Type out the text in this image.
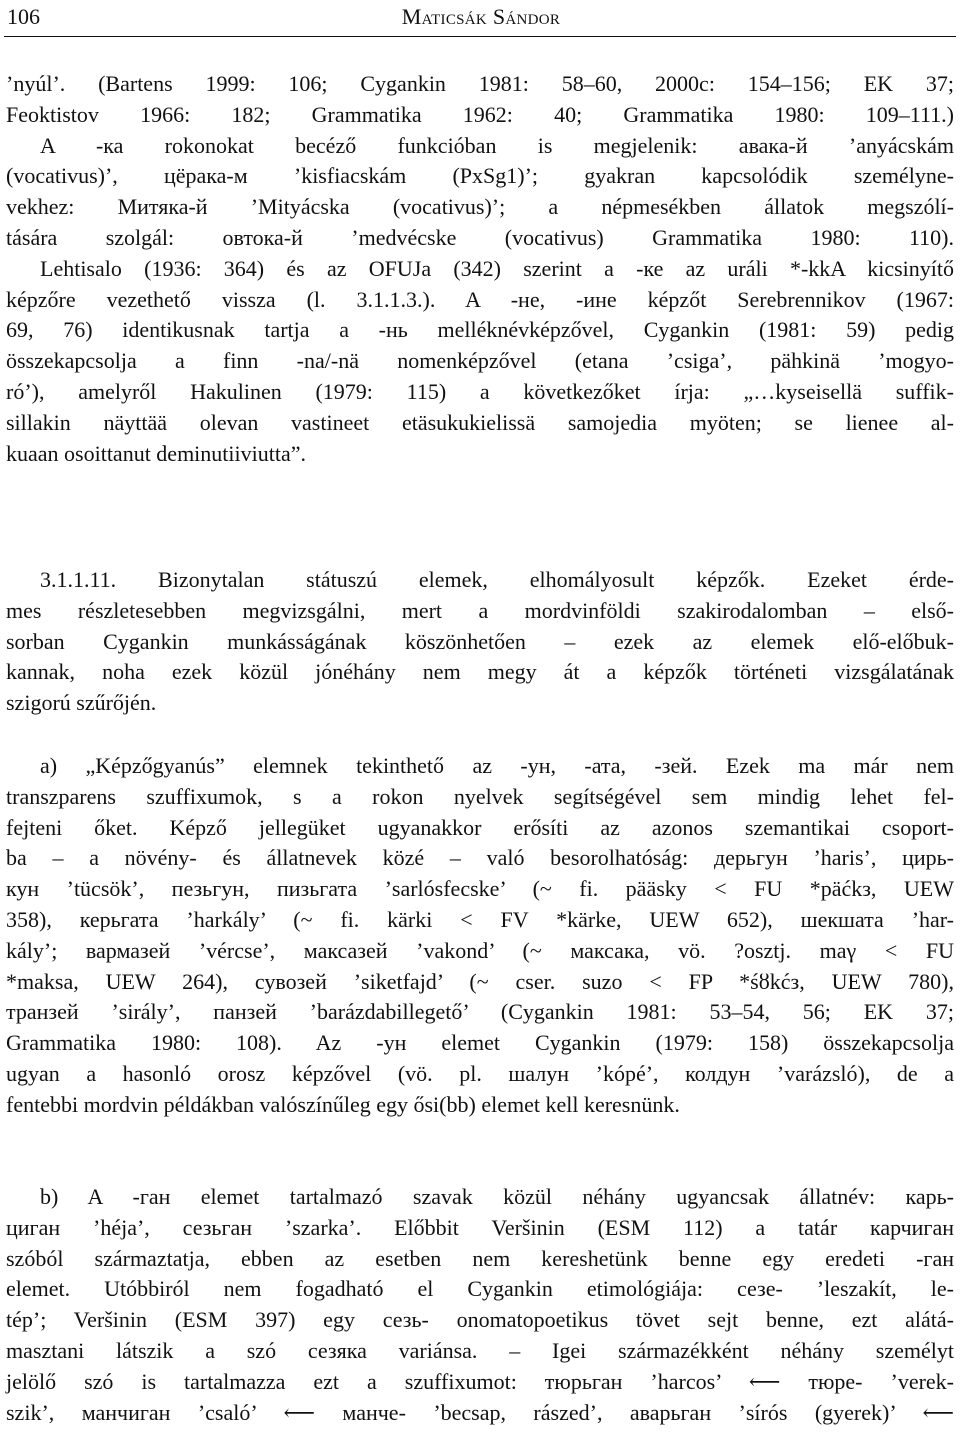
106	Maticsák Sándor
’nyúl’. (Bartens 1999: 106; Cygankin 1981: 58–60, 2000c: 154–156; EK 37;
Feoktistov 1966: 182; Grammatika 1962: 40; Grammatika 1980: 109–111.)
A -ка rokonokat becéző funkcióban is megjelenik: авака-й ’anyácskám
(vocativus)’, цёрака-м ’kisfiacskám (PxSg1)’; gyakran kapcsolódik személyne-
vekhez: Митяка-й ’Mityácska (vocativus)’; a népmesékben állatok megszólí-
tására szolgál: овтока-й ’medvécske (vocativus) Grammatika 1980: 110).
Lehtisalo (1936: 364) és az OFUJa (342) szerint a -ке az uráli *-kkA kicsinyítő
képzőre vezethető vissza (l. 3.1.1.3.). A -не, -ине képzőt Serebrennikov (1967:
69, 76) identikusnak tartja a -нь melléknévképzővel, Cygankin (1981: 59) pedig
összekapcsolja a finn -na/-nä nomenképzővel (etana ’csiga’, pähkinä ’mogyo-
ró’), amelyről Hakulinen (1979: 115) a következőket írja: „…kyseisellä suffik-
sillakin näyttää olevan vastineet etäsukukielissä samojedia myöten; se lienee al-
kuaan osoittanut deminutiiviutta”.
3.1.1.11. Bizonytalan státuszú elemek, elhomályosult képzők. Ezeket érde-
mes részletesebben megvizsgálni, mert a mordvinföldi szakirodalomban – első-
sorban Cygankin munkásságának köszönhetően – ezek az elemek elő-előbuk-
kannak, noha ezek közül jónéhány nem megy át a képzők történeti vizsgálatának
szigorú szűrőjén.
a) „Képzőgyanús” elemnek tekinthető az -ун, -ата, -зей. Ezek ma már nem
transzparens szuffixumok, s a rokon nyelvek segítségével sem mindig lehet fel-
fejteni őket. Képző jellegüket ugyanakkor erősíti az azonos szemantikai csoport-
ba – a növény- és állatnevek közé – való besorolhatóság: дерьгун ’haris’, цирь-
кун ’tücsök’, пезьгун, пизьгата ’sarlósfecske’ (~ fi. pääsky < FU *päćkз, UEW
358), керьгата ’harkály’ (~ fi. kärki < FV *kärke, UEW 652), шекшата ’har-
kály’; вармазей ’vércse’, максазей ’vakond’ (~ максака, vö. ?osztj. maγ < FU
*maksa, UEW 264), сувозей ’siketfajd’ (~ cser. suzo < FP *śȣkćз, UEW 780),
транзей ’sirály’, панзей ’barázdabillegető’ (Cygankin 1981: 53–54, 56; EK 37;
Grammatika 1980: 108). Az -ун elemet Cygankin (1979: 158) összekapcsolja
ugyan a hasonló orosz képzővel (vö. pl. шалун ’kópé’, колдун ’varázsló), de a
fentebbi mordvin példákban valószínűleg egy ősi(bb) elemet kell keresnünk.
b) A -ган elemet tartalmazó szavak közül néhány ugyancsak állatnév: карь-
циган ’héja’, сезьган ’szarka’. Előbbit Veršinin (ESM 112) a tatár карчиган
szóból származtatja, ebben az esetben nem kereshetünk benne egy eredeti -ган
elemet. Utóbbiról nem fogadható el Cygankin etimológiája: сезе- ’leszakít, le-
tép’; Veršinin (ESM 397) egy сезь- onomatopoetikus tövet sejt benne, ezt alátá-
masztani látszik a szó сезяка variánsa. – Igei származékként néhány személyt
jelölő szó is tartalmazza ezt a szuffixumot: тюрьган ’harcos’ ⟵ тюре- ’verek-
szik’, манчиган ’csaló’ ⟵ манче- ’becsap, rászed’, аварьган ’sírós (gyerek)’ ⟵
